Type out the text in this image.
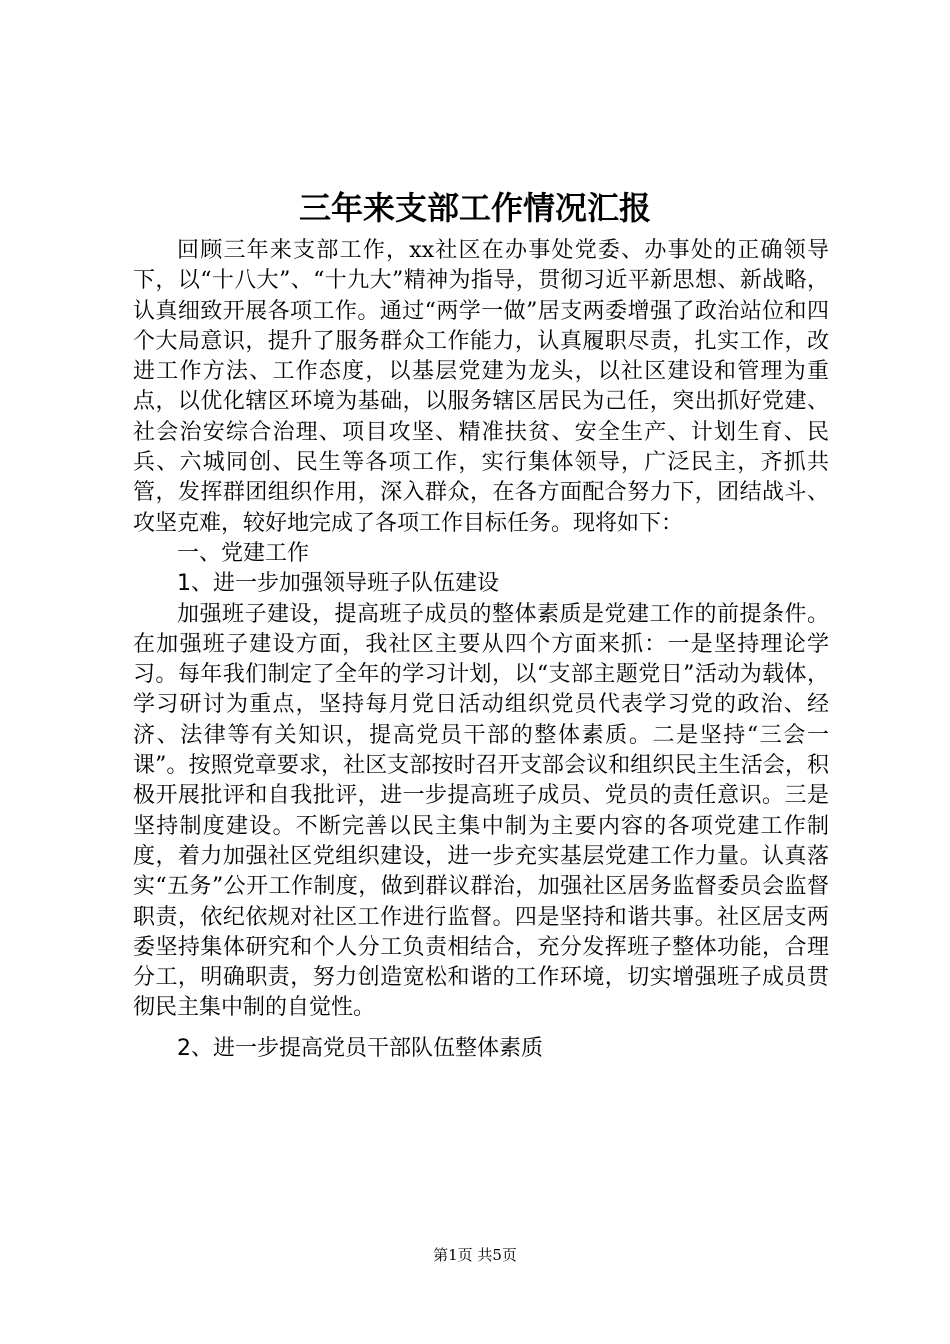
三年来支部工作情况汇报

回顾三年来支部工作，xx社区在办事处党委、办事处的正确领导下，以“十八大”、“十九大”精神为指导，贯彻习近平新思想、新战略，认真细致开展各项工作。通过“两学一做”居支两委增强了政治站位和四个大局意识，提升了服务群众工作能力，认真履职尽责，扎实工作，改进工作方法、工作态度，以基层党建为龙头，以社区建设和管理为重点，以优化辖区环境为基础，以服务辖区居民为己任，突出抓好党建、社会治安综合治理、项目攻坚、精准扶贫、安全生产、计划生育、民兵、六城同创、民生等各项工作，实行集体领导，广泛民主，齐抓共管，发挥群团组织作用，深入群众，在各方面配合努力下，团结战斗、攻坚克难，较好地完成了各项工作目标任务。现将如下：

一、党建工作
1、进一步加强领导班子队伍建设

加强班子建设，提高班子成员的整体素质是党建工作的前提条件。在加强班子建设方面，我社区主要从四个方面来抓：一是坚持理论学习。每年我们制定了全年的学习计划，以“支部主题党日”活动为载体，学习研讨为重点，坚持每月党日活动组织党员代表学习党的政治、经济、法律等有关知识，提高党员干部的整体素质。二是坚持“三会一课”。按照党章要求，社区支部按时召开支部会议和组织民主生活会，积极开展批评和自我批评，进一步提高班子成员、党员的责任意识。三是坚持制度建设。不断完善以民主集中制为主要内容的各项党建工作制度，着力加强社区党组织建设，进一步充实基层党建工作力量。认真落实“五务”公开工作制度，做到群议群治，加强社区居务监督委员会监督职责，依纪依规对社区工作进行监督。四是坚持和谐共事。社区居支两委坚持集体研究和个人分工负责相结合，充分发挥班子整体功能，合理分工，明确职责，努力创造宽松和谐的工作环境，切实增强班子成员贯彻民主集中制的自觉性。

2、进一步提高党员干部队伍整体素质
第1页 共5页
